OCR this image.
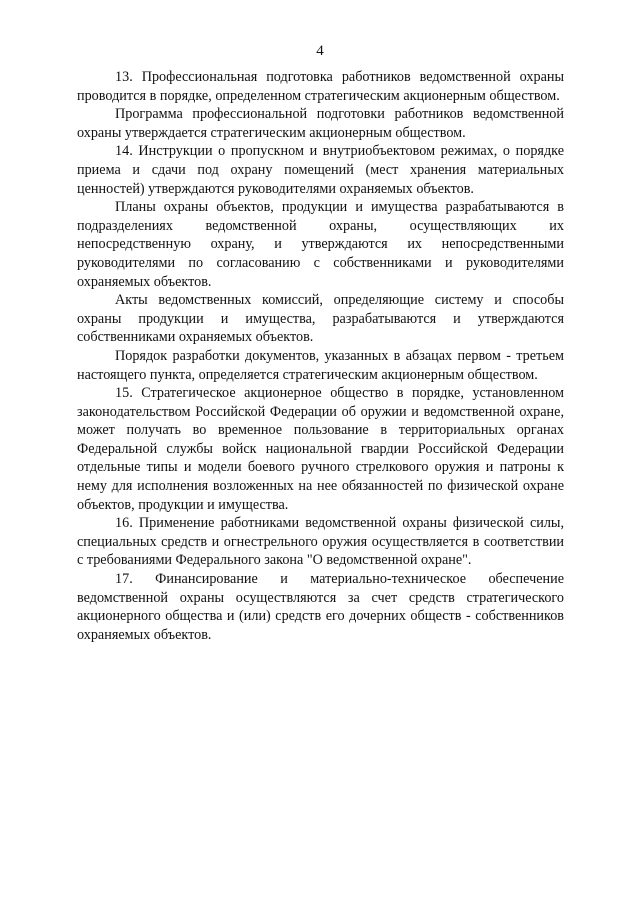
4

13. Профессиональная подготовка работников ведомственной охраны проводится в порядке, определенном стратегическим акционерным обществом.

Программа профессиональной подготовки работников ведомственной охраны утверждается стратегическим акционерным обществом.

14. Инструкции о пропускном и внутриобъектовом режимах, о порядке приема и сдачи под охрану помещений (мест хранения материальных ценностей) утверждаются руководителями охраняемых объектов.

Планы охраны объектов, продукции и имущества разрабатываются в подразделениях ведомственной охраны, осуществляющих их непосредственную охрану, и утверждаются их непосредственными руководителями по согласованию с собственниками и руководителями охраняемых объектов.

Акты ведомственных комиссий, определяющие систему и способы охраны продукции и имущества, разрабатываются и утверждаются собственниками охраняемых объектов.

Порядок разработки документов, указанных в абзацах первом - третьем настоящего пункта, определяется стратегическим акционерным обществом.

15. Стратегическое акционерное общество в порядке, установленном законодательством Российской Федерации об оружии и ведомственной охране, может получать во временное пользование в территориальных органах Федеральной службы войск национальной гвардии Российской Федерации отдельные типы и модели боевого ручного стрелкового оружия и патроны к нему для исполнения возложенных на нее обязанностей по физической охране объектов, продукции и имущества.

16. Применение работниками ведомственной охраны физической силы, специальных средств и огнестрельного оружия осуществляется в соответствии с требованиями Федерального закона "О ведомственной охране".

17. Финансирование и материально-техническое обеспечение ведомственной охраны осуществляются за счет средств стратегического акционерного общества и (или) средств его дочерних обществ - собственников охраняемых объектов.
